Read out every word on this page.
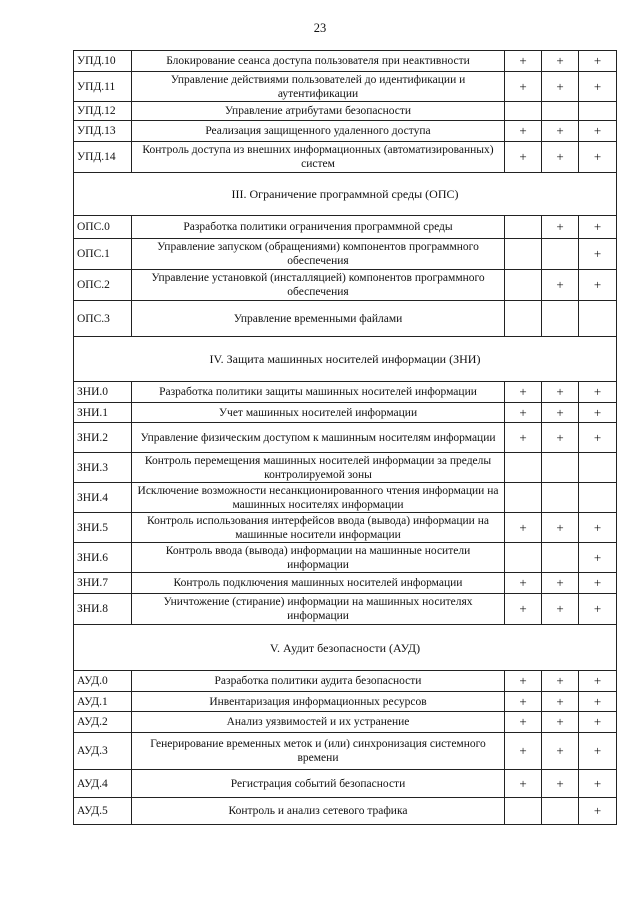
23
УПД.10	Блокирование сеанса доступа пользователя при неактивности	+	+	+
УПД.11	Управление действиями пользователей до идентификации и аутентификации	+	+	+
УПД.12	Управление атрибутами безопасности			
УПД.13	Реализация защищенного удаленного доступа	+	+	+
УПД.14	Контроль доступа из внешних информационных (автоматизированных) систем	+	+	+
III. Ограничение программной среды (ОПС)				
ОПС.0	Разработка политики ограничения программной среды		+	+
ОПС.1	Управление запуском (обращениями) компонентов программного обеспечения			+
ОПС.2	Управление установкой (инсталляцией) компонентов программного обеспечения		+	+
ОПС.3	Управление временными файлами			
IV. Защита машинных носителей информации (ЗНИ)				
ЗНИ.0	Разработка политики защиты машинных носителей информации	+	+	+
ЗНИ.1	Учет машинных носителей информации	+	+	+
ЗНИ.2	Управление физическим доступом к машинным носителям информации	+	+	+
ЗНИ.3	Контроль перемещения машинных носителей информации за пределы контролируемой зоны			
ЗНИ.4	Исключение возможности несанкционированного чтения информации на машинных носителях информации			
ЗНИ.5	Контроль использования интерфейсов ввода (вывода) информации на машинные носители информации	+	+	+
ЗНИ.6	Контроль ввода (вывода) информации на машинные носители информации			+
ЗНИ.7	Контроль подключения машинных носителей информации	+	+	+
ЗНИ.8	Уничтожение (стирание) информации на машинных носителях информации	+	+	+
V. Аудит безопасности (АУД)				
АУД.0	Разработка политики аудита безопасности	+	+	+
АУД.1	Инвентаризация информационных ресурсов	+	+	+
АУД.2	Анализ уязвимостей и их устранение	+	+	+
АУД.3	Генерирование временных меток и (или) синхронизация системного времени	+	+	+
АУД.4	Регистрация событий безопасности	+	+	+
АУД.5	Контроль и анализ сетевого трафика			+
